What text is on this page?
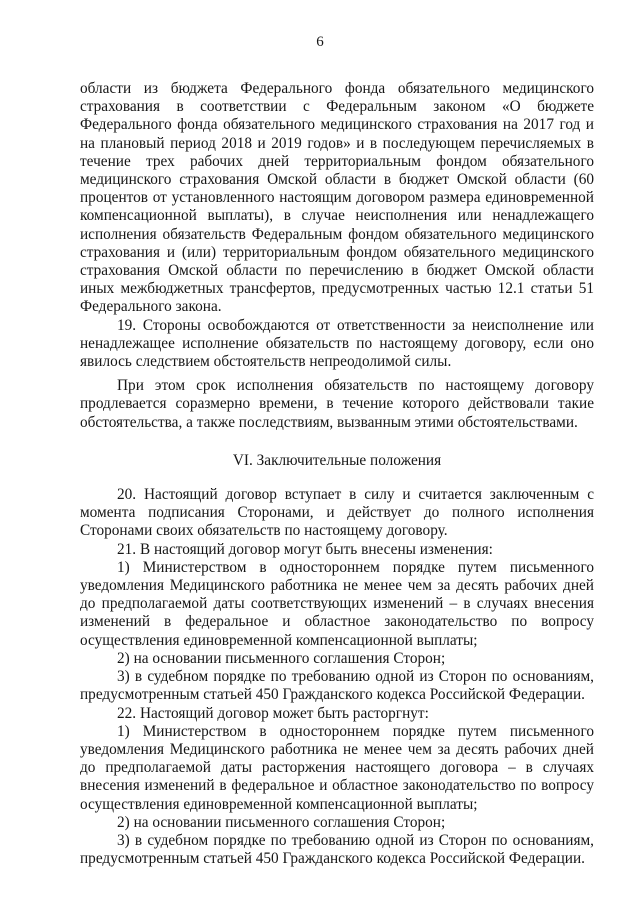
6

области из бюджета Федерального фонда обязательного медицинского страхования в соответствии с Федеральным законом «О бюджете Федерального фонда обязательного медицинского страхования на 2017 год и на плановый период 2018 и 2019 годов» и в последующем перечисляемых в течение трех рабочих дней территориальным фондом обязательного медицинского страхования Омской области в бюджет Омской области (60 процентов от установленного настоящим договором размера единовременной компенсационной выплаты), в случае неисполнения или ненадлежащего исполнения обязательств Федеральным фондом обязательного медицинского страхования и (или) территориальным фондом обязательного медицинского страхования Омской области по перечислению в бюджет Омской области иных межбюджетных трансфертов, предусмотренных частью 12.1 статьи 51 Федерального закона.

19. Стороны освобождаются от ответственности за неисполнение или ненадлежащее исполнение обязательств по настоящему договору, если оно явилось следствием обстоятельств непреодолимой силы.

При этом срок исполнения обязательств по настоящему договору продлевается соразмерно времени, в течение которого действовали такие обстоятельства, а также последствиям, вызванным этими обстоятельствами.

VI. Заключительные положения

20. Настоящий договор вступает в силу и считается заключенным с момента подписания Сторонами, и действует до полного исполнения Сторонами своих обязательств по настоящему договору.

21. В настоящий договор могут быть внесены изменения:

1) Министерством в одностороннем порядке путем письменного уведомления Медицинского работника не менее чем за десять рабочих дней до предполагаемой даты соответствующих изменений – в случаях внесения изменений в федеральное и областное законодательство по вопросу осуществления единовременной компенсационной выплаты;

2) на основании письменного соглашения Сторон;

3) в судебном порядке по требованию одной из Сторон по основаниям, предусмотренным статьей 450 Гражданского кодекса Российской Федерации.

22. Настоящий договор может быть расторгнут:

1) Министерством в одностороннем порядке путем письменного уведомления Медицинского работника не менее чем за десять рабочих дней до предполагаемой даты расторжения настоящего договора – в случаях внесения изменений в федеральное и областное законодательство по вопросу осуществления единовременной компенсационной выплаты;

2) на основании письменного соглашения Сторон;

3) в судебном порядке по требованию одной из Сторон по основаниям, предусмотренным статьей 450 Гражданского кодекса Российской Федерации.
